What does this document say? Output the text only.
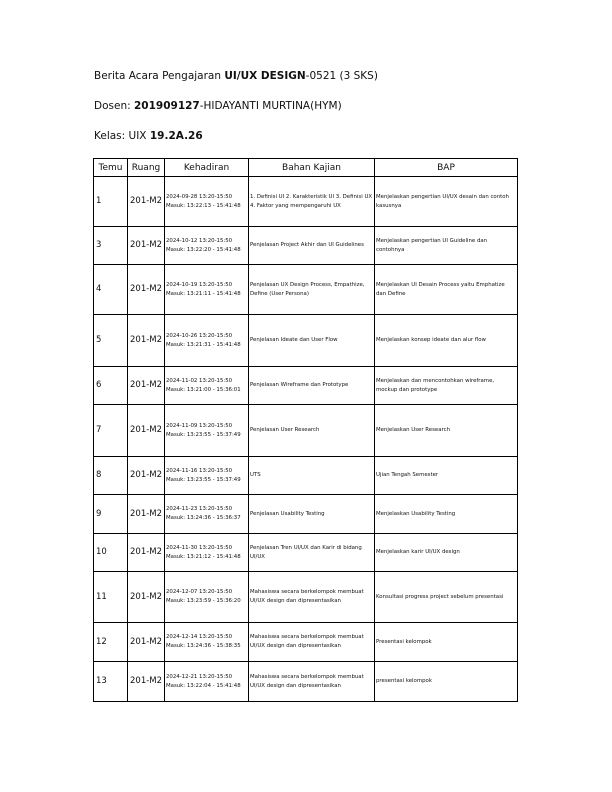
Berita Acara Pengajaran UI/UX DESIGN-0521 (3 SKS)
Dosen: 201909127-HIDAYANTI MURTINA(HYM)
Kelas: UIX 19.2A.26
Temu	Ruang	Kehadiran	Bahan Kajian	BAP
1	201-M2	2024-09-28 13:20-15:50 Masuk: 13:22:13 - 15:41:48	1. Definisi UI 2. Karakteristik UI 3. Definisi UX 4. Faktor yang mempengaruhi UX	Menjelaskan pengertian UI/UX desain dan contoh kasusnya
3	201-M2	2024-10-12 13:20-15:50 Masuk: 13:22:20 - 15:41:48	Penjelasan Project Akhir dan UI Guidelines	Menjelaskan pengertian UI Guideline dan contohnya
4	201-M2	2024-10-19 13:20-15:50 Masuk: 13:21:11 - 15:41:48	Penjelasan UX Design Process, Empathize, Define (User Persona)	Menjelaskan UI Desain Process yaitu Emphatize dan Define
5	201-M2	2024-10-26 13:20-15:50 Masuk: 13:21:31 - 15:41:48	Penjelasan Ideate dan User Flow	Menjelaskan konsep ideate dan alur flow
6	201-M2	2024-11-02 13:20-15:50 Masuk: 13:21:00 - 15:36:01	Penjelasan Wireframe dan Prototype	Menjelaskan dan mencontohkan wireframe, mockup dan prototype
7	201-M2	2024-11-09 13:20-15:50 Masuk: 13:23:55 - 15:37:49	Penjelasan User Research	Menjelaskan User Research
8	201-M2	2024-11-16 13:20-15:50 Masuk: 13:23:55 - 15:37:49	UTS	Ujian Tengah Semester
9	201-M2	2024-11-23 13:20-15:50 Masuk: 13:24:36 - 15:36:37	Penjelasan Usability Testing	Menjelaskan Usability Testing
10	201-M2	2024-11-30 13:20-15:50 Masuk: 13:21:12 - 15:41:48	Penjelasan Tren UI/UX dan Karir di bidang UI/UX	Menjelaskan karir UI/UX design
11	201-M2	2024-12-07 13:20-15:50 Masuk: 13:23:59 - 15:36:20	Mahasiswa secara berkelompok membuat UI/UX design dan dipresentasikan	Konsultasi progress project sebelum presentasi
12	201-M2	2024-12-14 13:20-15:50 Masuk: 13:24:36 - 15:38:35	Mahasiswa secara berkelompok membuat UI/UX design dan dipresentasikan	Presentasi kelompok
13	201-M2	2024-12-21 13:20-15:50 Masuk: 13:22:04 - 15:41:48	Mahasiswa secara berkelompok membuat UI/UX design dan dipresentasikan	presentasi kelompok
